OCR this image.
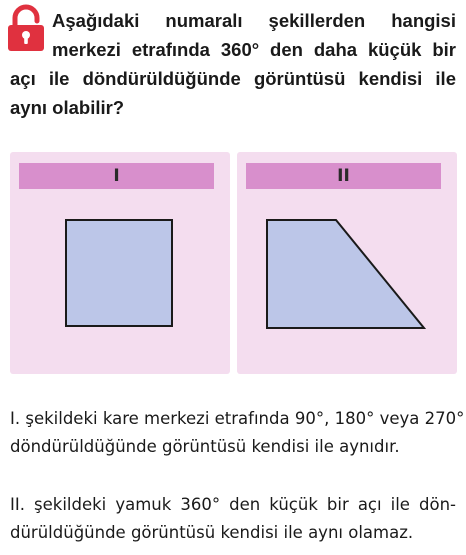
Aşağıdaki numaralı şekillerden hangisi
merkezi etrafında 360° den daha küçük bir
açı ile döndürüldüğünde görüntüsü kendisi ile
aynı olabilir?

I	II

I. şekildeki kare merkezi etrafında 90°, 180° veya 270°
döndürüldüğünde görüntüsü kendisi ile aynıdır.

II. şekildeki yamuk 360° den küçük bir açı ile dön-
dürüldüğünde görüntüsü kendisi ile aynı olamaz.
